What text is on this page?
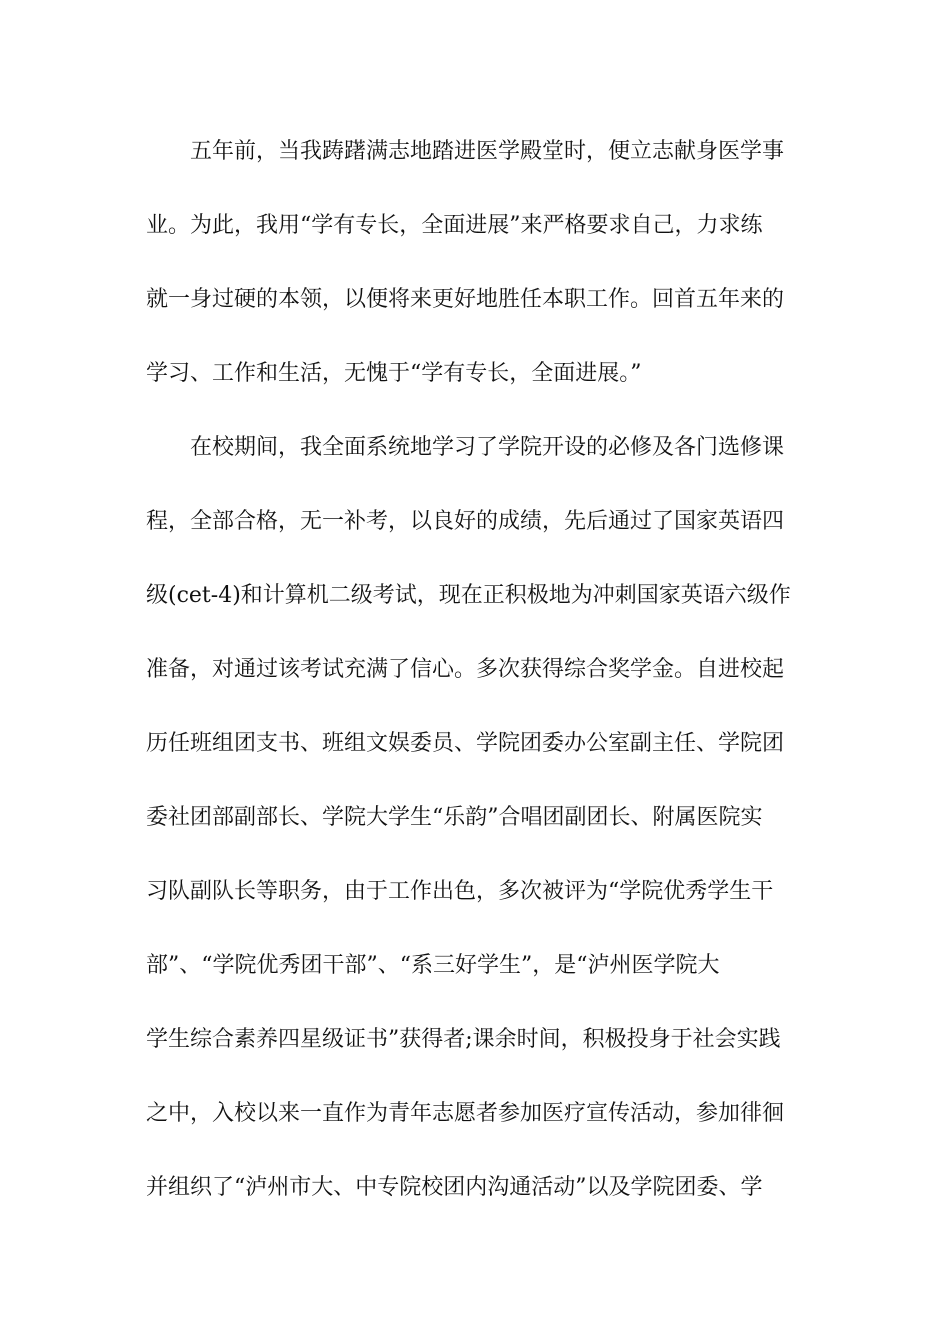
五年前，当我踌躇满志地踏进医学殿堂时，便立志献身医学事
业。为此，我用“学有专长，全面进展”来严格要求自己，力求练
就一身过硬的本领，以便将来更好地胜任本职工作。回首五年来的
学习、工作和生活，无愧于“学有专长，全面进展。”
在校期间，我全面系统地学习了学院开设的必修及各门选修课
程，全部合格，无一补考，以良好的成绩，先后通过了国家英语四
级(cet-4)和计算机二级考试，现在正积极地为冲刺国家英语六级作
准备，对通过该考试充满了信心。多次获得综合奖学金。自进校起
历任班组团支书、班组文娱委员、学院团委办公室副主任、学院团
委社团部副部长、学院大学生“乐韵”合唱团副团长、附属医院实
习队副队长等职务，由于工作出色，多次被评为“学院优秀学生干
部”、“学院优秀团干部”、“系三好学生”，是“泸州医学院大
学生综合素养四星级证书”获得者;课余时间，积极投身于社会实践
之中，入校以来一直作为青年志愿者参加医疗宣传活动，参加徘徊
并组织了“泸州市大、中专院校团内沟通活动”以及学院团委、学
